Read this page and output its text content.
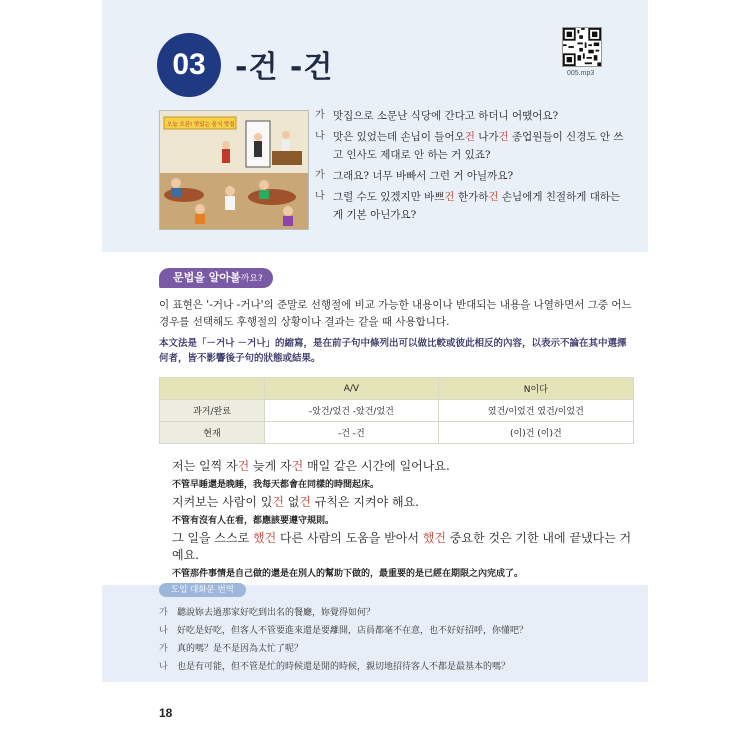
03 -건 -건	005.mp3
오늘 오픈! 맛있는 음식 맛집
가 맛집으로 소문난 식당에 간다고 하더니 어땠어요?
나 맛은 있었는데 손님이 들어오건 나가건 종업원들이 신경도 안 쓰고 인사도 제대로 안 하는 거 있죠?
가 그래요? 너무 바빠서 그런 거 아닐까요?
나 그럴 수도 있겠지만 바쁘건 한가하건 손님에게 친절하게 대하는 게 기본 아닌가요?
문법을 알아볼까요?
이 표현은 '-거나 -거나'의 준말로 선행절에 비교 가능한 내용이나 반대되는 내용을 나열하면서 그중 어느 경우를 선택해도 후행절의 상황이나 결과는 같을 때 사용합니다.
本文法是「－거나 －거나」的縮寫，是在前子句中條列出可以做比較或彼此相反的內容，以表示不論在其中選擇何者，皆不影響後子句的狀態或結果。
	A/V	N이다
과거/완료	-았건/었건 -았건/었건	였건/이었건 였건/이었건
현재	-건 -건	(이)건 (이)건
저는 일찍 자건 늦게 자건 매일 같은 시간에 일어나요.
不管早睡還是晚睡，我每天都會在同樣的時間起床。
지켜보는 사람이 있건 없건 규칙은 지켜야 해요.
不管有沒有人在看，都應該要遵守規則。
그 일을 스스로 했건 다른 사람의 도움을 받아서 했건 중요한 것은 기한 내에 끝냈다는 거예요.
不管那件事情是自己做的還是在別人的幫助下做的，最重要的是已經在期限之內完成了。
도입 대화문 번역
가 聽說妳去過那家好吃到出名的餐廳，妳覺得如何？
나 好吃是好吃，但客人不管要進來還是要離開，店員都毫不在意，也不好好招呼，你懂吧？
가 真的嗎？是不是因為太忙了呢？
나 也是有可能，但不管是忙的時候還是閒的時候，親切地招待客人不都是最基本的嗎？
18
